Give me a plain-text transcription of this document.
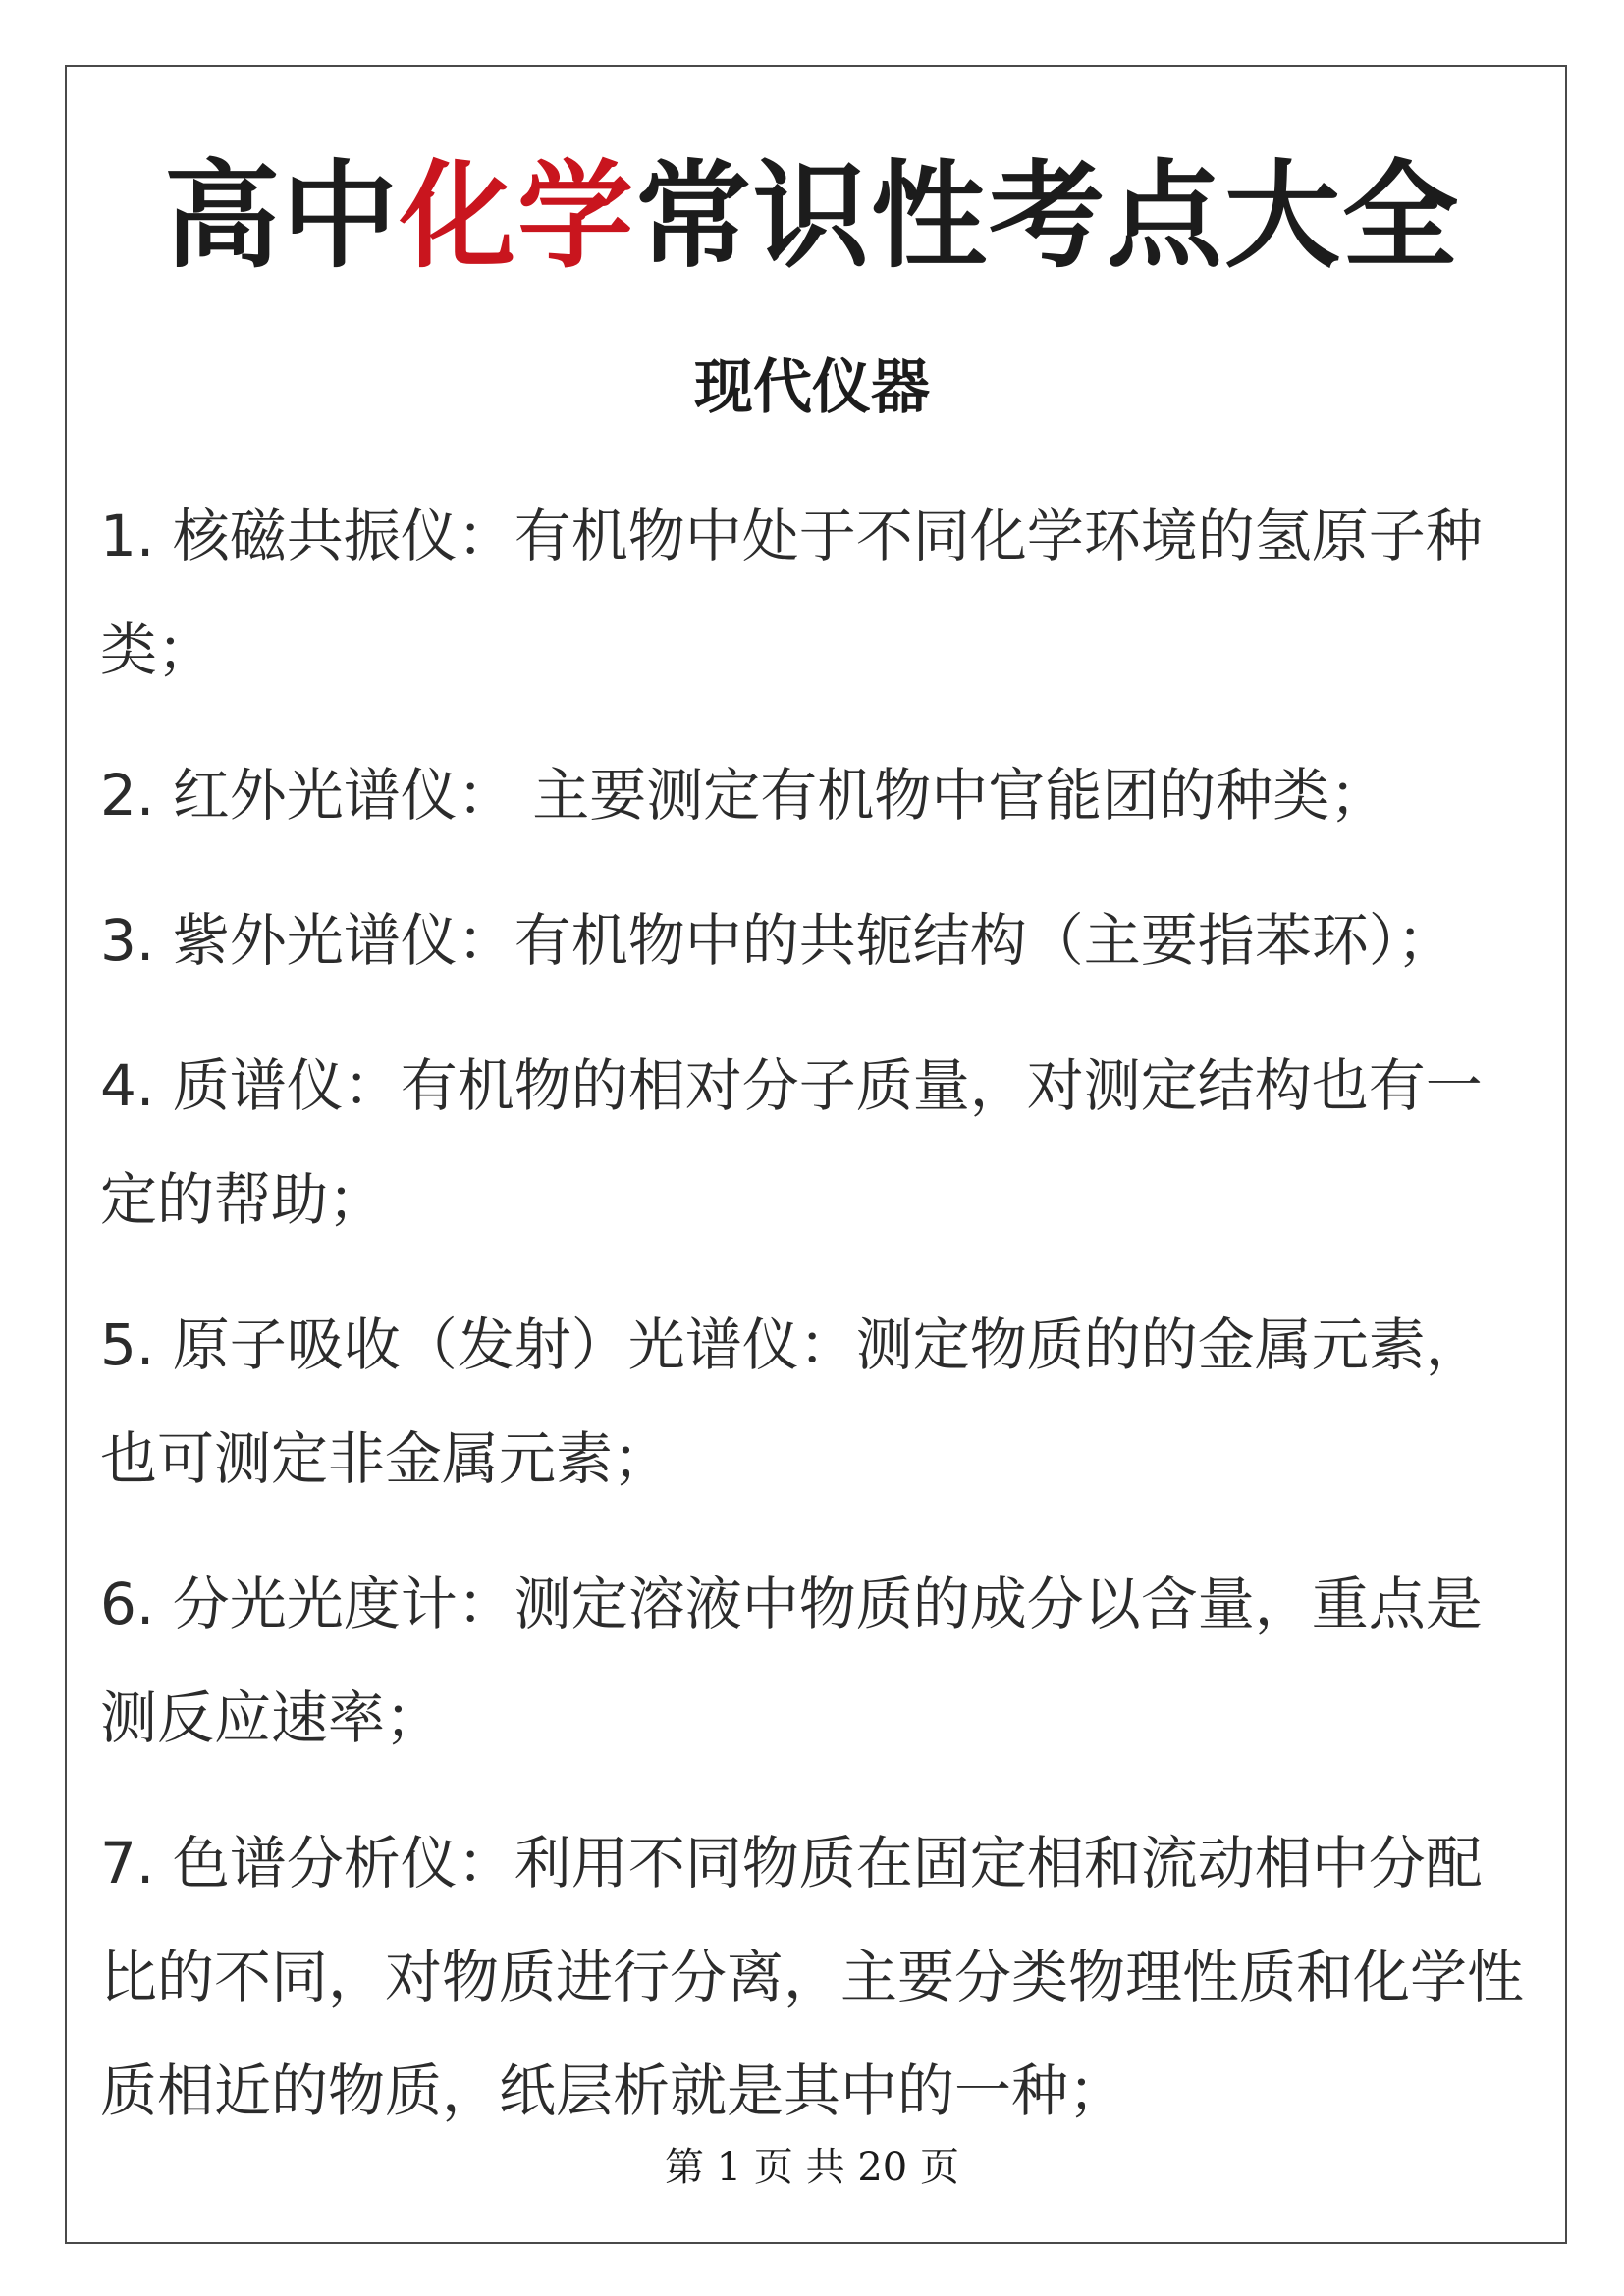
高中化学常识性考点大全
现代仪器
1. 核磁共振仪：有机物中处于不同化学环境的氢原子种类；
2. 红外光谱仪： 主要测定有机物中官能团的种类；
3. 紫外光谱仪：有机物中的共轭结构（主要指苯环）；
4. 质谱仪：有机物的相对分子质量，对测定结构也有一定的帮助；
5. 原子吸收（发射）光谱仪：测定物质的的金属元素，也可测定非金属元素；
6. 分光光度计：测定溶液中物质的成分以含量，重点是测反应速率；
7. 色谱分析仪：利用不同物质在固定相和流动相中分配比的不同，对物质进行分离，主要分类物理性质和化学性质相近的物质，纸层析就是其中的一种；
第 1 页 共 20 页
